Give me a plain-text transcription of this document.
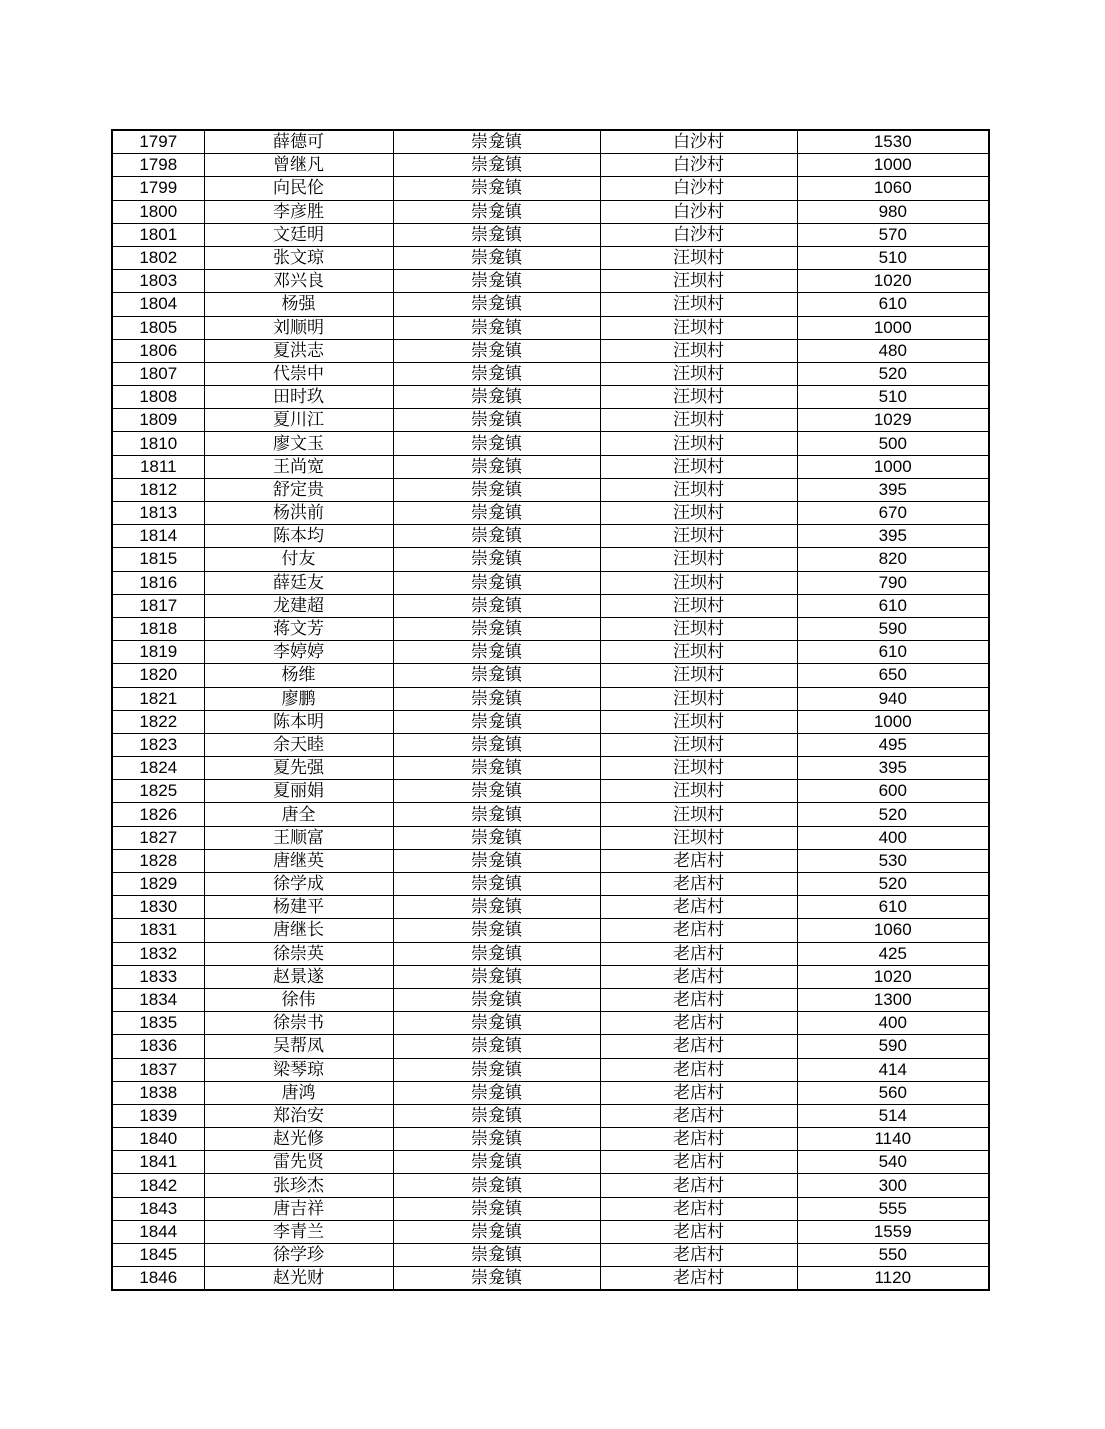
1797	薛德可	崇龛镇	白沙村	1530
1798	曾继凡	崇龛镇	白沙村	1000
1799	向民伦	崇龛镇	白沙村	1060
1800	李彦胜	崇龛镇	白沙村	980
1801	文廷明	崇龛镇	白沙村	570
1802	张文琼	崇龛镇	汪坝村	510
1803	邓兴良	崇龛镇	汪坝村	1020
1804	杨强	崇龛镇	汪坝村	610
1805	刘顺明	崇龛镇	汪坝村	1000
1806	夏洪志	崇龛镇	汪坝村	480
1807	代崇中	崇龛镇	汪坝村	520
1808	田时玖	崇龛镇	汪坝村	510
1809	夏川江	崇龛镇	汪坝村	1029
1810	廖文玉	崇龛镇	汪坝村	500
1811	王尚宽	崇龛镇	汪坝村	1000
1812	舒定贵	崇龛镇	汪坝村	395
1813	杨洪前	崇龛镇	汪坝村	670
1814	陈本均	崇龛镇	汪坝村	395
1815	付友	崇龛镇	汪坝村	820
1816	薛廷友	崇龛镇	汪坝村	790
1817	龙建超	崇龛镇	汪坝村	610
1818	蒋文芳	崇龛镇	汪坝村	590
1819	李婷婷	崇龛镇	汪坝村	610
1820	杨维	崇龛镇	汪坝村	650
1821	廖鹏	崇龛镇	汪坝村	940
1822	陈本明	崇龛镇	汪坝村	1000
1823	余天睦	崇龛镇	汪坝村	495
1824	夏先强	崇龛镇	汪坝村	395
1825	夏丽娟	崇龛镇	汪坝村	600
1826	唐全	崇龛镇	汪坝村	520
1827	王顺富	崇龛镇	汪坝村	400
1828	唐继英	崇龛镇	老店村	530
1829	徐学成	崇龛镇	老店村	520
1830	杨建平	崇龛镇	老店村	610
1831	唐继长	崇龛镇	老店村	1060
1832	徐崇英	崇龛镇	老店村	425
1833	赵景遂	崇龛镇	老店村	1020
1834	徐伟	崇龛镇	老店村	1300
1835	徐崇书	崇龛镇	老店村	400
1836	吴帮凤	崇龛镇	老店村	590
1837	梁琴琼	崇龛镇	老店村	414
1838	唐鸿	崇龛镇	老店村	560
1839	郑治安	崇龛镇	老店村	514
1840	赵光修	崇龛镇	老店村	1140
1841	雷先贤	崇龛镇	老店村	540
1842	张珍杰	崇龛镇	老店村	300
1843	唐吉祥	崇龛镇	老店村	555
1844	李青兰	崇龛镇	老店村	1559
1845	徐学珍	崇龛镇	老店村	550
1846	赵光财	崇龛镇	老店村	1120
